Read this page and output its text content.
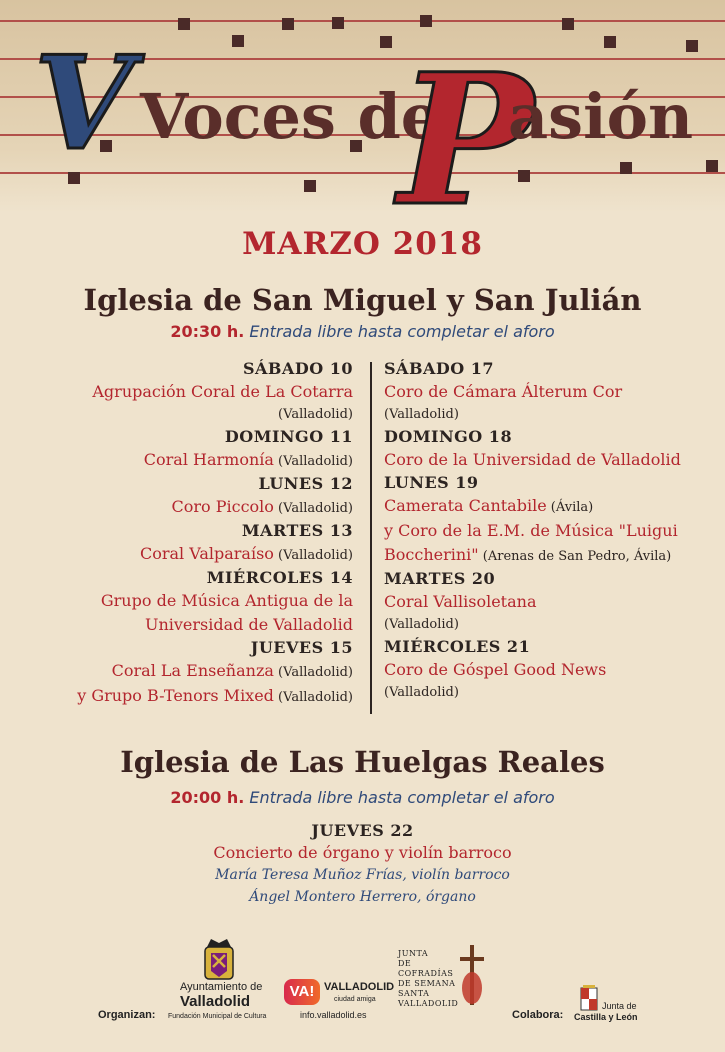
V Voces de
P
asión
MARZO 2018
Iglesia de San Miguel y San Julián
20:30 h. Entrada libre hasta completar el aforo
SÁBADO 10
Agrupación Coral de La Cotarra
(Valladolid)
DOMINGO 11
Coral Harmonía (Valladolid)
LUNES 12
Coro Piccolo (Valladolid)
MARTES 13
Coral Valparaíso (Valladolid)
MIÉRCOLES 14
Grupo de Música Antigua de la
Universidad de Valladolid
JUEVES 15
Coral La Enseñanza (Valladolid)
y Grupo B-Tenors Mixed (Valladolid)
SÁBADO 17
Coro de Cámara Álterum Cor
(Valladolid)
DOMINGO 18
Coro de la Universidad de Valladolid
LUNES 19
Camerata Cantabile (Ávila)
y Coro de la E.M. de Música "Luigui
Boccherini" (Arenas de San Pedro, Ávila)
MARTES 20
Coral Vallisoletana
(Valladolid)
MIÉRCOLES 21
Coro de Góspel Good News
(Valladolid)
Iglesia de Las Huelgas Reales
20:00 h. Entrada libre hasta completar el aforo
JUEVES 22
Concierto de órgano y violín barroco
María Teresa Muñoz Frías, violín barroco
Ángel Montero Herrero, órgano
Organizan:
Ayuntamiento de
Valladolid
Fundación Municipal de Cultura
VA! VALLADOLID
ciudad amiga
info.valladolid.es
JUNTA
DE
COFRADÍAS
DE SEMANA SANTA
VALLADOLID
Colabora:
Junta de
Castilla y León
